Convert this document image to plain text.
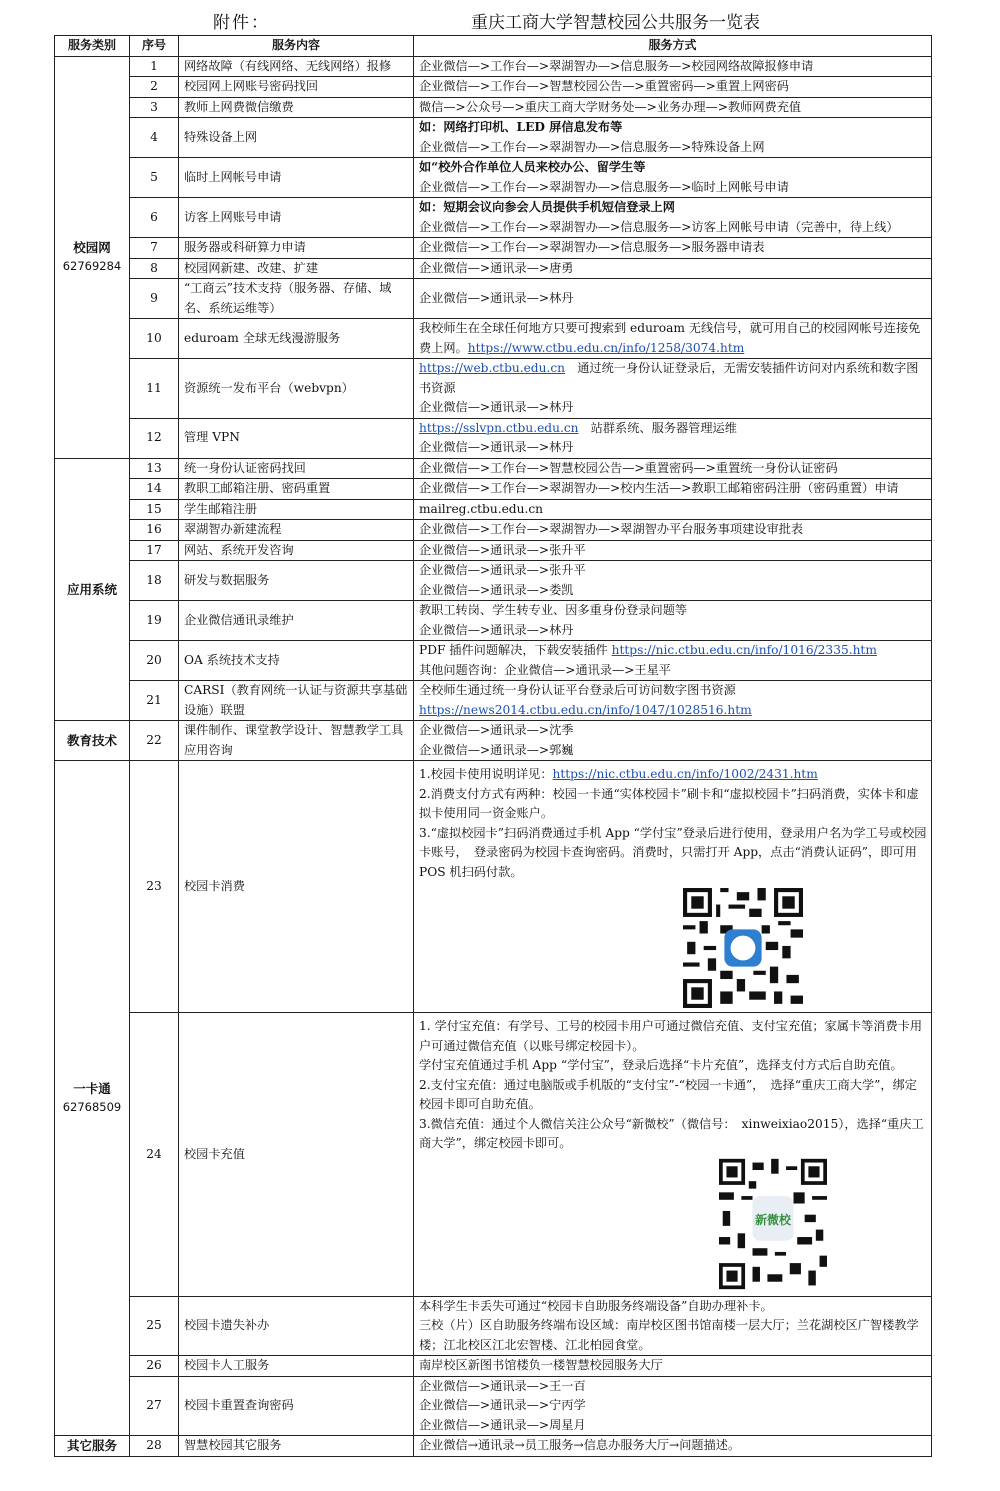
附件：	重庆工商大学智慧校园公共服务一览表
服务类别	序号	服务内容	服务方式
校园网
62769284	1	网络故障（有线网络、无线网络）报修	企业微信—>工作台—>翠湖智办—>信息服务—>校园网络故障报修申请
	2	校园网上网账号密码找回	企业微信—>工作台—>智慧校园公告—>重置密码—>重置上网密码
	3	教师上网费微信缴费	微信—>公众号—>重庆工商大学财务处—>业务办理—>教师网费充值
	4	特殊设备上网	如：网络打印机、LED 屏信息发布等
企业微信—>工作台—>翠湖智办—>信息服务—>特殊设备上网

	5	临时上网帐号申请	如“校外合作单位人员来校办公、留学生等
企业微信—>工作台—>翠湖智办—>信息服务—>临时上网帐号申请

	6	访客上网账号申请	如：短期会议向参会人员提供手机短信登录上网
企业微信—>工作台—>翠湖智办—>信息服务—>访客上网帐号申请（完善中，待上线）

	7	服务器或科研算力申请	企业微信—>工作台—>翠湖智办—>信息服务—>服务器申请表
	8	校园网新建、改建、扩建	企业微信—>通讯录—>唐勇
	9	“工商云”技术支持（服务器、存储、域名、系统运维等）	企业微信—>通讯录—>林丹
	10	eduroam 全球无线漫游服务	我校师生在全球任何地方只要可搜索到 eduroam 无线信号，就可用自己的校园网帐号连接免费上网。https://www.ctbu.edu.cn/info/1258/3074.htm
	11	资源统一发布平台（webvpn）	https://web.ctbu.edu.cn　通过统一身份认证登录后，无需安装插件访问对内系统和数字图书资源
企业微信—>通讯录—>林丹

	12	管理 VPN	https://sslvpn.ctbu.edu.cn　站群系统、服务器管理运维
企业微信—>通讯录—>林丹

应用系统	13	统一身份认证密码找回	企业微信—>工作台—>智慧校园公告—>重置密码—>重置统一身份认证密码
	14	教职工邮箱注册、密码重置	企业微信—>工作台—>翠湖智办—>校内生活—>教职工邮箱密码注册（密码重置）申请
	15	学生邮箱注册	mailreg.ctbu.edu.cn
	16	翠湖智办新建流程	企业微信—>工作台—>翠湖智办—>翠湖智办平台服务事项建设审批表
	17	网站、系统开发咨询	企业微信—>通讯录—>张升平
	18	研发与数据服务	企业微信—>通讯录—>张升平
企业微信—>通讯录—>娄凯

	19	企业微信通讯录维护	教职工转岗、学生转专业、因多重身份登录问题等
企业微信—>通讯录—>林丹

	20	OA 系统技术支持	PDF 插件问题解决，下载安装插件 https://nic.ctbu.edu.cn/info/1016/2335.htm
其他问题咨询：企业微信—>通讯录—>王星平

	21	CARSI（教育网统一认证与资源共享基础设施）联盟	全校师生通过统一身份认证平台登录后可访问数字图书资源
https://news2014.ctbu.edu.cn/info/1047/1028516.htm

教育技术	22	课件制作、课堂教学设计、智慧教学工具应用咨询	企业微信—>通讯录—>沈季
企业微信—>通讯录—>郭巍

一卡通
62768509	23	校园卡消费	1.校园卡使用说明详见：https://nic.ctbu.edu.cn/info/1002/2431.htm
2.消费支付方式有两种：校园一卡通“实体校园卡”刷卡和“虚拟校园卡”扫码消费，实体卡和虚拟卡使用同一资金账户。
3.“虚拟校园卡”扫码消费通过手机 App “学付宝”登录后进行使用，登录用户名为学工号或校园卡账号，　登录密码为校园卡查询密码。消费时，只需打开 App，点击“消费认证码”，即可用 POS 机扫码付款。

	24	校园卡充值	1. 学付宝充值：有学号、工号的校园卡用户可通过微信充值、支付宝充值；家属卡等消费卡用户可通过微信充值（以账号绑定校园卡）。
学付宝充值通过手机 App “学付宝”，登录后选择“卡片充值”，选择支付方式后自助充值。
2.支付宝充值：通过电脑版或手机版的“支付宝”-“校园一卡通”，　选择“重庆工商大学”，绑定校园卡即可自助充值。
3.微信充值：通过个人微信关注公众号“新微校”（微信号：　xinweixiao2015），选择“重庆工商大学”，绑定校园卡即可。
新微校

	25	校园卡遗失补办	本科学生卡丢失可通过“校园卡自助服务终端设备”自助办理补卡。
三校（片）区自助服务终端布设区域：南岸校区图书馆南楼一层大厅；兰花湖校区广智楼教学楼；江北校区江北宏智楼、江北柏园食堂。

	26	校园卡人工服务	南岸校区新图书馆楼负一楼智慧校园服务大厅
	27	校园卡重置查询密码	企业微信—>通讯录—>王一百
企业微信—>通讯录—>宁丙学
企业微信—>通讯录—>周星月

其它服务	28	智慧校园其它服务	企业微信→通讯录→员工服务→信息办服务大厅→问题描述。
